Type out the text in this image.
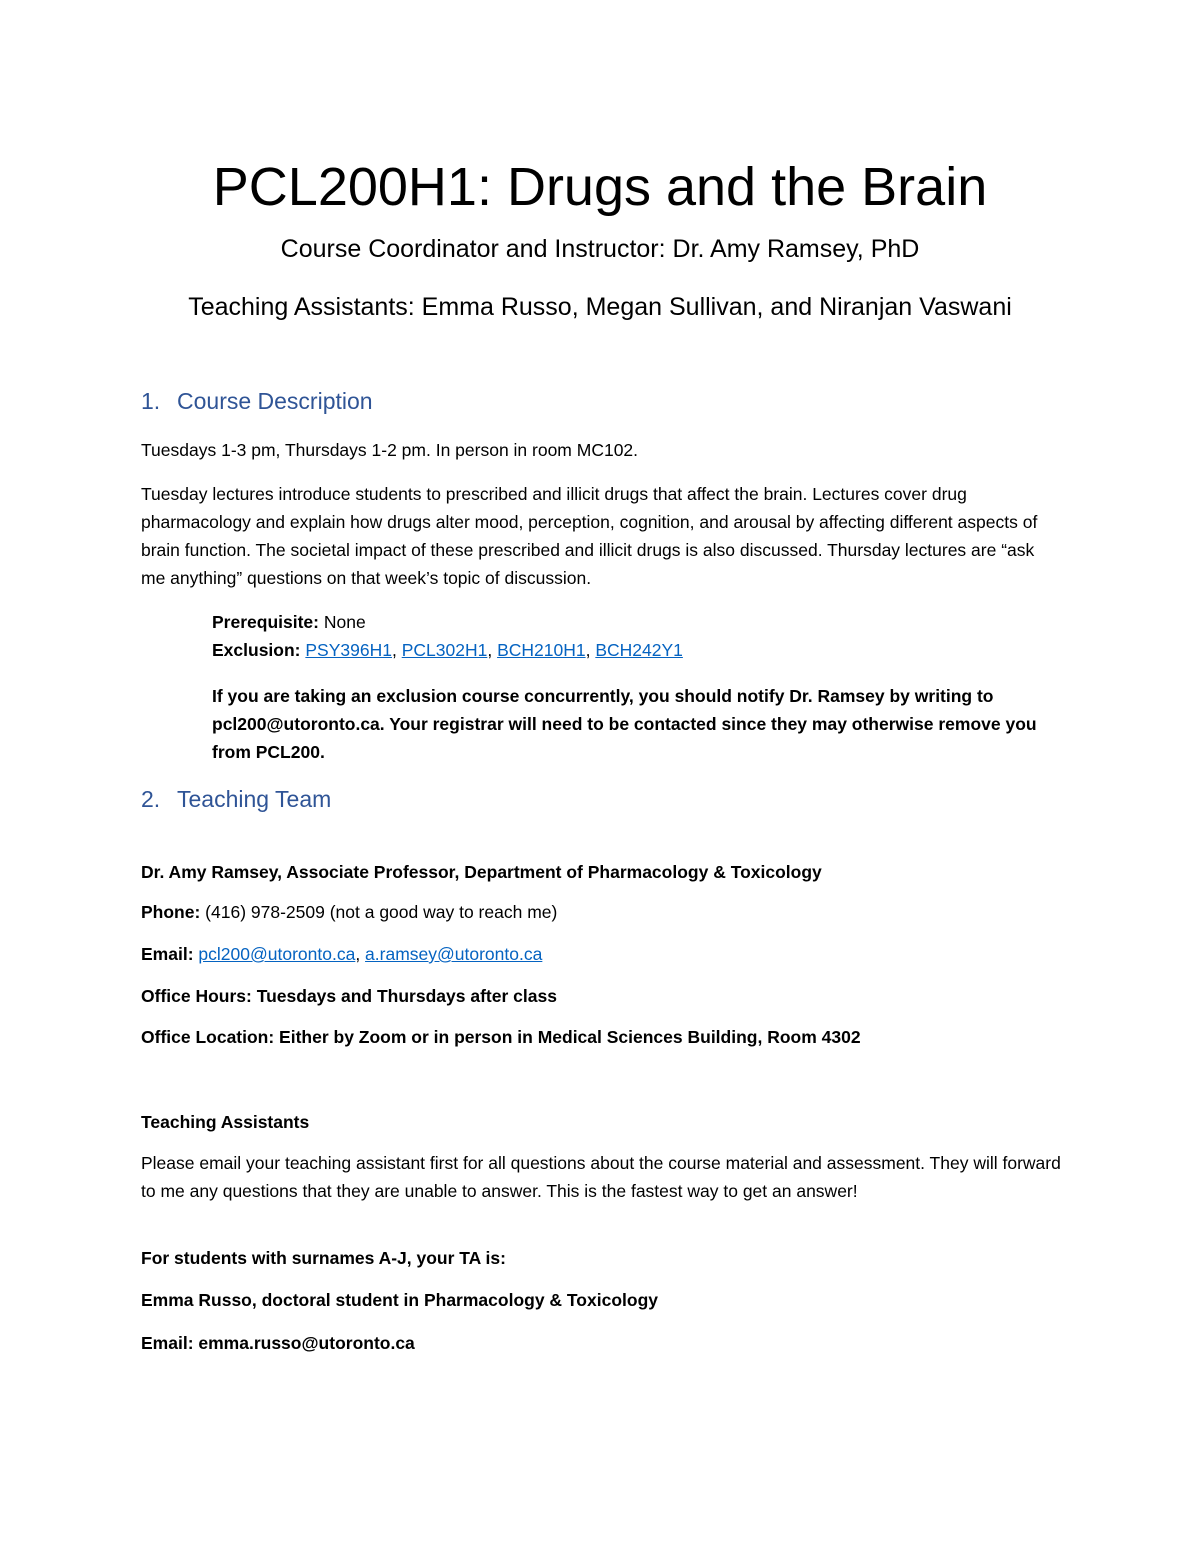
PCL200H1: Drugs and the Brain
Course Coordinator and Instructor: Dr. Amy Ramsey, PhD
Teaching Assistants: Emma Russo, Megan Sullivan, and Niranjan Vaswani
1. Course Description
Tuesdays 1-3 pm, Thursdays 1-2 pm. In person in room MC102.
Tuesday lectures introduce students to prescribed and illicit drugs that affect the brain. Lectures cover drug pharmacology and explain how drugs alter mood, perception, cognition, and arousal by affecting different aspects of brain function. The societal impact of these prescribed and illicit drugs is also discussed. Thursday lectures are “ask me anything” questions on that week’s topic of discussion.
Prerequisite: None
Exclusion: PSY396H1, PCL302H1, BCH210H1, BCH242Y1
If you are taking an exclusion course concurrently, you should notify Dr. Ramsey by writing to pcl200@utoronto.ca. Your registrar will need to be contacted since they may otherwise remove you from PCL200.
2. Teaching Team
Dr. Amy Ramsey, Associate Professor, Department of Pharmacology & Toxicology
Phone: (416) 978-2509 (not a good way to reach me)
Email: pcl200@utoronto.ca, a.ramsey@utoronto.ca
Office Hours: Tuesdays and Thursdays after class
Office Location: Either by Zoom or in person in Medical Sciences Building, Room 4302
Teaching Assistants
Please email your teaching assistant first for all questions about the course material and assessment. They will forward to me any questions that they are unable to answer. This is the fastest way to get an answer!
For students with surnames A-J, your TA is:
Emma Russo, doctoral student in Pharmacology & Toxicology
Email: emma.russo@utoronto.ca
